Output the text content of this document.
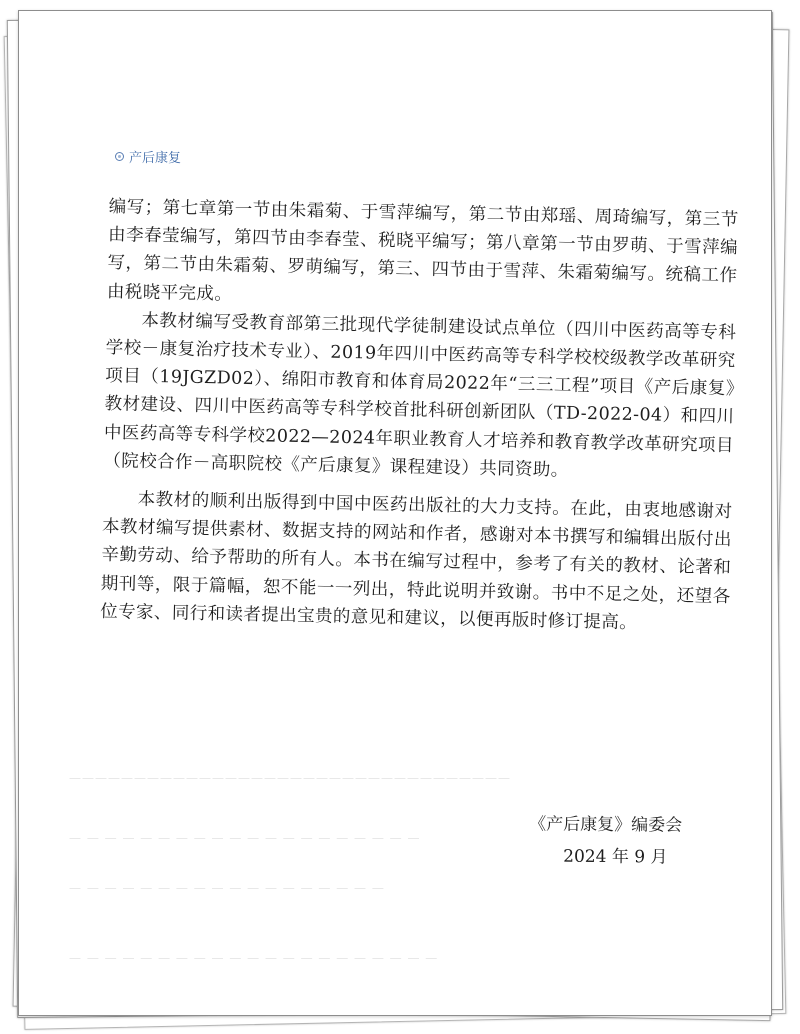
——————————————————————————————————
— — — — — — — — — — — — — — — — — — — —
— — — — — — — — — — — — — — — — — —
— — — — — — — — — — — — — — — — — — — — —
产后康复

编写；第七章第一节由朱霜菊、于雪萍编写，第二节由郑瑶、周琦编写，第三节由李春莹编写，第四节由李春莹、税晓平编写；第八章第一节由罗萌、于雪萍编写，第二节由朱霜菊、罗萌编写，第三、四节由于雪萍、朱霜菊编写。统稿工作由税晓平完成。

本教材编写受教育部第三批现代学徒制建设试点单位（四川中医药高等专科学校－康复治疗技术专业）、2019年四川中医药高等专科学校校级教学改革研究项目（19JGZD02）、绵阳市教育和体育局2022年“三三工程”项目《产后康复》教材建设、四川中医药高等专科学校首批科研创新团队（TD-2022-04）和四川中医药高等专科学校2022—2024年职业教育人才培养和教育教学改革研究项目（院校合作－高职院校《产后康复》课程建设）共同资助。

本教材的顺利出版得到中国中医药出版社的大力支持。在此，由衷地感谢对本教材编写提供素材、数据支持的网站和作者，感谢对本书撰写和编辑出版付出辛勤劳动、给予帮助的所有人。本书在编写过程中，参考了有关的教材、论著和期刊等，限于篇幅，恕不能一一列出，特此说明并致谢。书中不足之处，还望各位专家、同行和读者提出宝贵的意见和建议，以便再版时修订提高。

《产后康复》编委会
2024 年 9 月
